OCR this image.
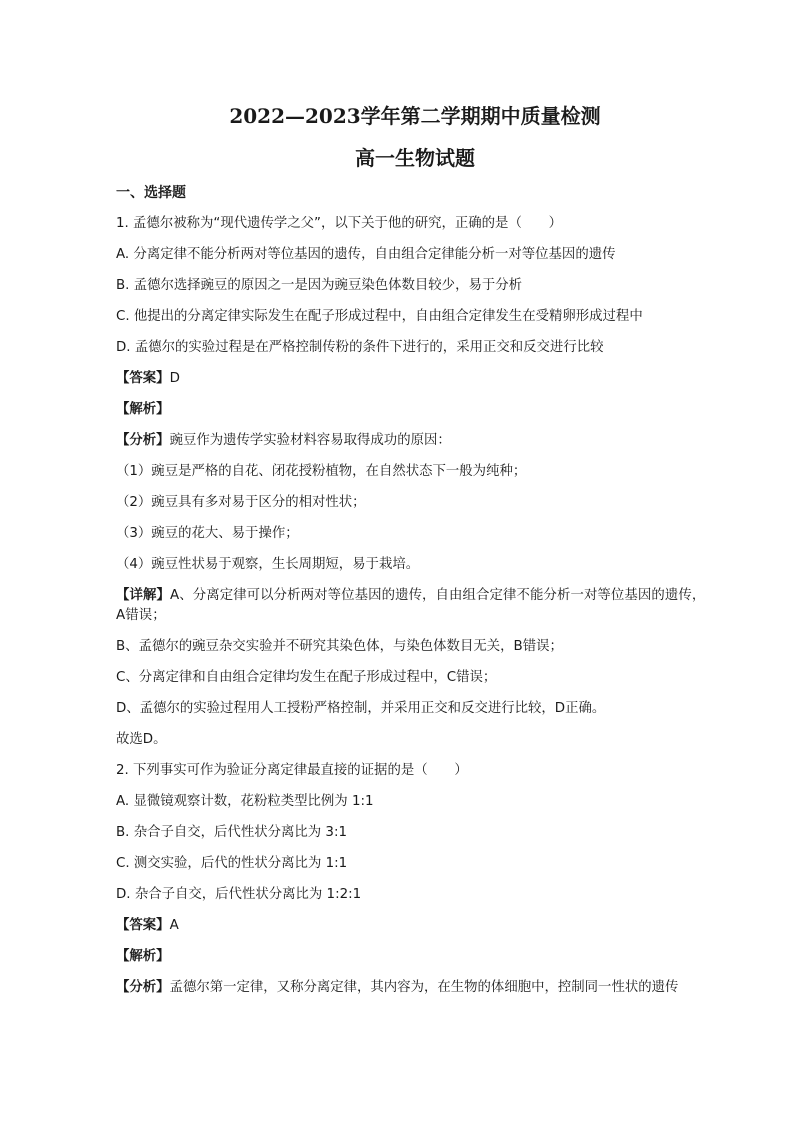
2022—2023学年第二学期期中质量检测
高一生物试题
一、选择题
1. 孟德尔被称为“现代遗传学之父”，以下关于他的研究，正确的是（　　）
A. 分离定律不能分析两对等位基因的遗传，自由组合定律能分析一对等位基因的遗传
B. 孟德尔选择豌豆的原因之一是因为豌豆染色体数目较少，易于分析
C. 他提出的分离定律实际发生在配子形成过程中，自由组合定律发生在受精卵形成过程中
D. 孟德尔的实验过程是在严格控制传粉的条件下进行的，采用正交和反交进行比较
【答案】D
【解析】
【分析】豌豆作为遗传学实验材料容易取得成功的原因：
（1）豌豆是严格的自花、闭花授粉植物，在自然状态下一般为纯种；
（2）豌豆具有多对易于区分的相对性状；
（3）豌豆的花大、易于操作；
（4）豌豆性状易于观察，生长周期短，易于栽培。
【详解】A、分离定律可以分析两对等位基因的遗传，自由组合定律不能分析一对等位基因的遗传，A错误；
B、孟德尔的豌豆杂交实验并不研究其染色体，与染色体数目无关，B错误；
C、分离定律和自由组合定律均发生在配子形成过程中，C错误；
D、孟德尔的实验过程用人工授粉严格控制，并采用正交和反交进行比较，D正确。
故选D。
2. 下列事实可作为验证分离定律最直接的证据的是（　　）
A. 显微镜观察计数，花粉粒类型比例为 1:1
B. 杂合子自交，后代性状分离比为 3:1
C. 测交实验，后代的性状分离比为 1:1
D. 杂合子自交，后代性状分离比为 1:2:1
【答案】A
【解析】
【分析】孟德尔第一定律，又称分离定律，其内容为，在生物的体细胞中，控制同一性状的遗传
